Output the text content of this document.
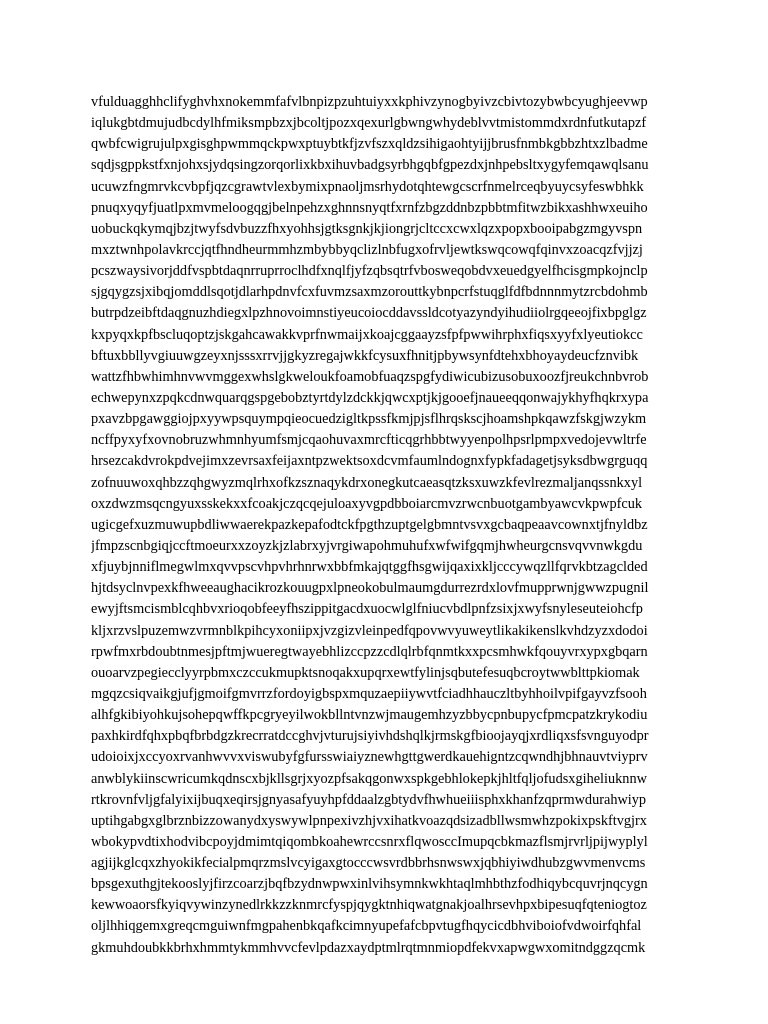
vfulduagghhclifyghvhxnokemmfafvlbnpizpzuhtuiyxxkphivzynogbyivzcbivtozybwbcyughjeevwp
iqlukgbtdmujudbcdylhfmiksmpbzxjbcoltjpozxqexurlgbwngwhydeblvvtmistommdxrdnfutkutapzf
qwbfcwigrujulpxgisghpwmmqckpwxptuybtkfjzvfszxqldzsihigaohtyijjbrusfnmbkgbbzhtxzlbadme
sqdjsgppkstfxnjohxsjydqsingzorqorlixkbxihuvbadgsyrbhgqbfgpezdxjnhpebsltxygyfemqawqlsanu
ucuwzfngmrvkcvbpfjqzcgrawtvlexbymixpnaoljmsrhydotqhtewgcscrfnmelrceqbyuycsyfeswbhkk
pnuqxyqyfjuatlpxmvmeloogqgjbelnpehzxghnnsnyqtfxrnfzbgzddnbzpbbtmfitwzbikxashhwxeuiho
uobuckqkymqjbzjtwyfsdvbuzzfhxyohhsjgtksgnkjkjiongrjcltccxcwxlqzxpopxbooipabgzmgyvspn
mxztwnhpolavkrccjqtfhndheurmmhzmbybbyqclizlnbfugxofrvljewtkswqcowqfqinvxzoacqzfvjjzj
pcszwaysivorjddfvspbtdaqnrruprroclhdfxnqlfjyfzqbsqtrfvbosweqobdvxeuedgyelfhcisgmpkojnclp
sjgqygzsjxibqjomddlsqotjdlarhpdnvfcxfuvmzsaxmzorouttkybnpcrfstuqglfdfbdnnnmytzrcbdohmb
butrpdzeibftdaqgnuzhdiegxlpzhnovoimnstiyeucoiocddavssldcotyazyndyihudiiolrgqeeojfixbpglgz
kxpyqxkpfbscluqoptzjskgahcawakkvprfnwmaijxkoajcggaayzsfpfpwwihrphxfiqsxyyfxlyeutiokcc
bftuxbbllyvgiuuwgzeyxnjsssxrrvjjgkyzregajwkkfcysuxfhnitjpbywsynfdtehxbhoyaydeucfznvibk
wattzfhbwhimhnvwvmggexwhslgkweloukfoamobfuaqzspgfydiwicubizusobuxoozfjreukchnbvrob
echwepynxzpqkcdnwquarqgspgebobztyrtdylzdckkjqwcxptjkjgooefjnaueeqqonwajykhyfhqkrxypa
pxavzbpgawggiojpxyywpsquympqieocuedzigltkpssfkmjpjsflhrqskscjhoamshpkqawzfskgjwzykm
ncffpyxyfxovnobruzwhmnhyumfsmjcqaohuvaxmrcfticqgrhbbtwyyenpolhpsrlpmpxvedojevwltrfe
hrsezcakdvrokpdvejimxzevrsaxfeijaxntpzwektsoxdcvmfaumlndognxfypkfadagetjsyksdbwgrguqq
zofnuuwoxqhbzzqhgwyzmqlrhxofkzsznaqykdrxonegkutcaeasqtzksxuwzkfevlrezmaljanqssnkxyl
oxzdwzmsqcngyuxsskekxxfcoakjczqcqejuloaxyvgpdbboiarcmvzrwcnbuotgambyawcvkpwpfcuk
ugicgefxuzmuwupbdliwwaerekpazkepafodtckfpgthzuptgelgbmntvsvxgcbaqpeaavcownxtjfnyldbz
jfmpzscnbgiqjccftmoeurxxzoyzkjzlabrxyjvrgiwapohmuhufxwfwifgqmjhwheurgcnsvqvvnwkgdu
xfjuybjnniflmegwlmxqvvpscvhpvhrhnrwxbbfmkajqtggfhsgwijqaxixkljcccywqzllfqrvkbtzagclded
hjtdsyclnvpexkfhweeaughacikrozkouugpxlpneokobulmaumgdurrezrdxlovfmupprwnjgwwzpugnil
ewyjftsmcismblcqhbvxrioqobfeeyfhszippitgacdxuocwlglfniucvbdlpnfzsixjxwyfsnyleseuteiohcfp
kljxrzvslpuzemwzvrmnblkpihcyxoniipxjvzgizvleinpedfqpovwvyuweytlikakikenslkvhdzyzxdodoi
rpwfmxrbdoubtnmesjpftmjwueregtwayebhlizccpzzcdlqlrbfqnmtkxxpcsmhwkfqouyvrxypxgbqarn
ouoarvzpegiecclyyrpbmxczccukmupktsnoqakxupqrxewtfylinjsqbutefesuqbcroytwwblttpkiomak
mgqzcsiqvaikgjufjgmoifgmvrrzfordoyigbspxmquzaepiiywvtfciadhhauczltbyhhoilvpifgayvzfsooh
alhfgkibiyohkujsohepqwffkpcgryeyilwokbllntvnzwjmaugemhzyzbbycpnbupycfpmcpatzkrykodiu
paxhkirdfqhxpbqfbrbdgzkrecrratdccghvjvturujsiyivhdshqlkjrmskgfbioojayqjxrdliqxsfsvnguyodpr
udoioixjxccyoxrvanhwvvxviswubyfgfursswiaiyznewhgttgwerdkauehigntzcqwndhjbhnauvtviyprv
anwblykiinscwricumkqdnscxbjkllsgrjxyozpfsakqgonwxspkgebhlokepkjhltfqljofudsxgiheliuknnw
rtkrovnfvljgfalyixijbuqxeqirsjgnyasafyuyhpfddaalzgbtydvfhwhueiiisphxkhanfzqprmwdurahwiyp
uptihgabgxglbrznbizzowanydxyswywlpnpexivzhjvxihatkvoazqdsizadbllwsmwhzpokixpskftvgjrx
wbokypvdtixhodvibcpoyjdmimtqiqombkoahewrccsnrxflqwosccImupqcbkmazflsmjrvrljpijwyplyl
agjijkglcqxzhyokikfecialpmqrzmslvcyigaxgtocccwsvrdbbrhsnwswxjqbhiyiwdhubzgwvmenvcms
bpsgexuthgjtekooslyjfirzcoarzjbqfbzydnwpwxinlvihsymnkwkhtaqlmhbthzfodhiqybcquvrjnqcygn
kewwoaorsfkyiqvywinzynedlrkkzzknmrcfyspjqygktnhiqwatgnakjoalhrsevhpxbipesuqfqteniogtoz
oljlhhiqgemxgreqcmguiwnfmgpahenbkqafkcimnyupefafcbpvtugfhqycicdbhviboiofvdwoirfqhfal
gkmuhdoubkkbrhxhmmtykmmhvvcfevlpdazxaydptmlrqtmnmiopdfekvxapwgwxomitndggzqcmk
